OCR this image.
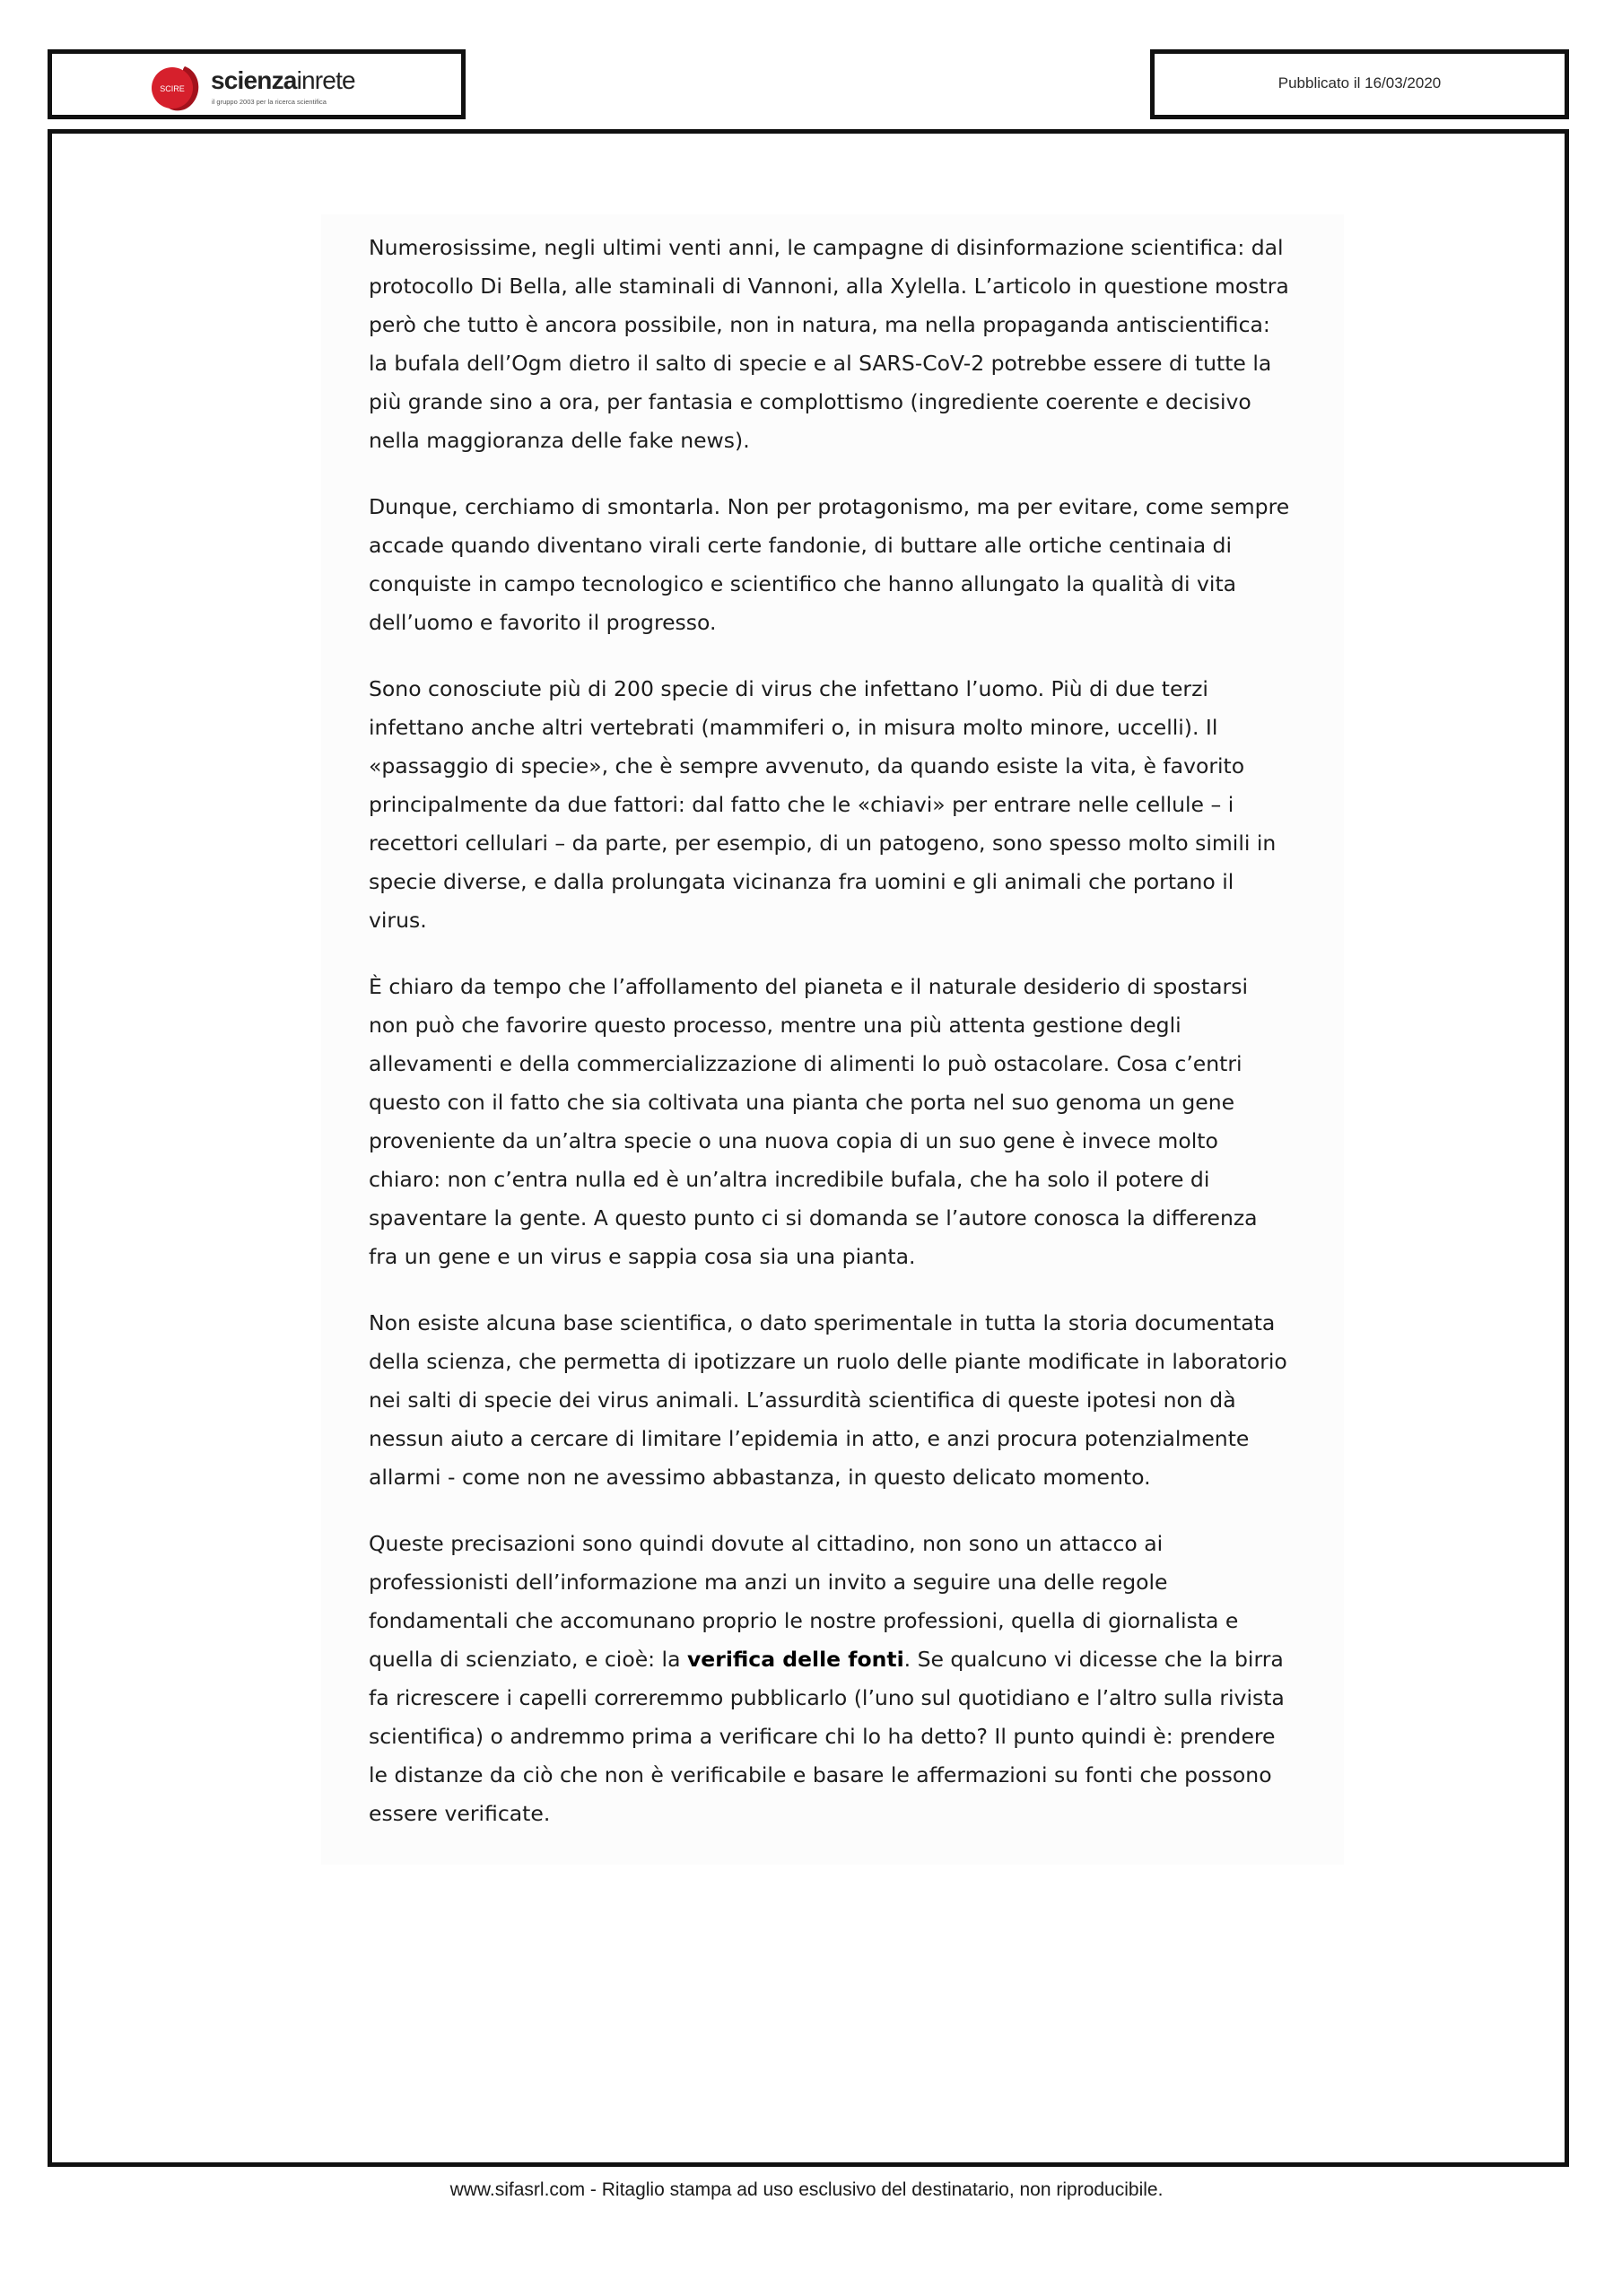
SCIRE scienzainrete
il gruppo 2003 per la ricerca scientifica
Pubblicato il 16/03/2020

Numerosissime, negli ultimi venti anni, le campagne di disinformazione scientifica: dal protocollo Di Bella, alle staminali di Vannoni, alla Xylella. L’articolo in questione mostra però che tutto è ancora possibile, non in natura, ma nella propaganda antiscientifica: la bufala dell’Ogm dietro il salto di specie e al SARS-CoV-2 potrebbe essere di tutte la più grande sino a ora, per fantasia e complottismo (ingrediente coerente e decisivo nella maggioranza delle fake news).

Dunque, cerchiamo di smontarla. Non per protagonismo, ma per evitare, come sempre accade quando diventano virali certe fandonie, di buttare alle ortiche centinaia di conquiste in campo tecnologico e scientifico che hanno allungato la qualità di vita dell’uomo e favorito il progresso.

Sono conosciute più di 200 specie di virus che infettano l’uomo. Più di due terzi infettano anche altri vertebrati (mammiferi o, in misura molto minore, uccelli). Il «passaggio di specie», che è sempre avvenuto, da quando esiste la vita, è favorito principalmente da due fattori: dal fatto che le «chiavi» per entrare nelle cellule – i recettori cellulari – da parte, per esempio, di un patogeno, sono spesso molto simili in specie diverse, e dalla prolungata vicinanza fra uomini e gli animali che portano il virus.

È chiaro da tempo che l’affollamento del pianeta e il naturale desiderio di spostarsi non può che favorire questo processo, mentre una più attenta gestione degli allevamenti e della commercializzazione di alimenti lo può ostacolare. Cosa c’entri questo con il fatto che sia coltivata una pianta che porta nel suo genoma un gene proveniente da un’altra specie o una nuova copia di un suo gene è invece molto chiaro: non c’entra nulla ed è un’altra incredibile bufala, che ha solo il potere di spaventare la gente. A questo punto ci si domanda se l’autore conosca la differenza fra un gene e un virus e sappia cosa sia una pianta.

Non esiste alcuna base scientifica, o dato sperimentale in tutta la storia documentata della scienza, che permetta di ipotizzare un ruolo delle piante modificate in laboratorio nei salti di specie dei virus animali. L’assurdità scientifica di queste ipotesi non dà nessun aiuto a cercare di limitare l’epidemia in atto, e anzi procura potenzialmente allarmi - come non ne avessimo abbastanza, in questo delicato momento.

Queste precisazioni sono quindi dovute al cittadino, non sono un attacco ai professionisti dell’informazione ma anzi un invito a seguire una delle regole fondamentali che accomunano proprio le nostre professioni, quella di giornalista e quella di scienziato, e cioè: la verifica delle fonti. Se qualcuno vi dicesse che la birra fa ricrescere i capelli correremmo pubblicarlo (l’uno sul quotidiano e l’altro sulla rivista scientifica) o andremmo prima a verificare chi lo ha detto? Il punto quindi è: prendere le distanze da ciò che non è verificabile e basare le affermazioni su fonti che possono essere verificate.

www.sifasrl.com - Ritaglio stampa ad uso esclusivo del destinatario, non riproducibile.
